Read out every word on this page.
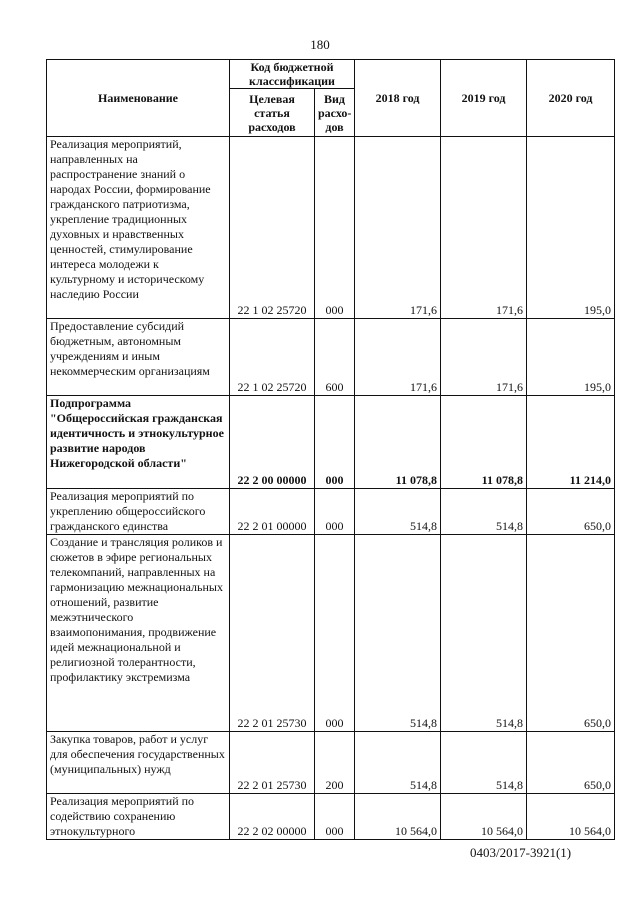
180
Наименование	Код бюджетной классификации		2018 год	2019 год	2020 год
	Целевая статья расходов	Вид расхо-дов			
Реализация мероприятий, направленных на распространение знаний о народах России, формирование гражданского патриотизма, укрепление традиционных духовных и нравственных ценностей, стимулирование интереса молодежи к культурному и историческому наследию России	22 1 02 25720	000	171,6	171,6	195,0
Предоставление субсидий бюджетным, автономным учреждениям и иным некоммерческим организациям	22 1 02 25720	600	171,6	171,6	195,0
Подпрограмма "Общероссийская гражданская идентичность и этнокультурное развитие народов Нижегородской области"	22 2 00 00000	000	11 078,8	11 078,8	11 214,0
Реализация мероприятий по укреплению общероссийского гражданского единства	22 2 01 00000	000	514,8	514,8	650,0
Создание и трансляция роликов и сюжетов в эфире региональных телекомпаний, направленных на гармонизацию межнациональных отношений, развитие межэтнического взаимопонимания, продвижение идей межнациональной и религиозной толерантности, профилактику экстремизма	22 2 01 25730	000	514,8	514,8	650,0
Закупка товаров, работ и услуг для обеспечения государственных (муниципальных) нужд	22 2 01 25730	200	514,8	514,8	650,0
Реализация мероприятий по содействию сохранению этнокультурного	22 2 02 00000	000	10 564,0	10 564,0	10 564,0
0403/2017-3921(1)
